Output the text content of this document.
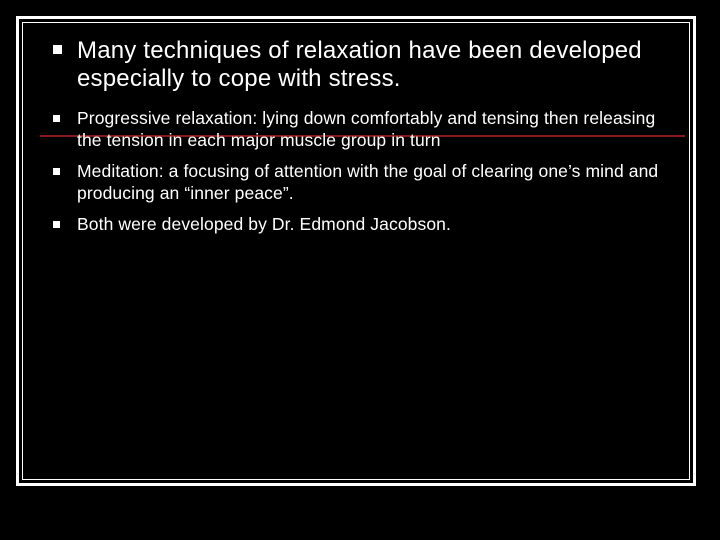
Many techniques of relaxation have been developed especially to cope with stress.
Progressive relaxation: lying down comfortably and tensing then releasing the tension in each major muscle group in turn
Meditation: a focusing of attention with the goal of clearing one’s mind and producing an “inner peace”.
Both were developed by Dr. Edmond Jacobson.
